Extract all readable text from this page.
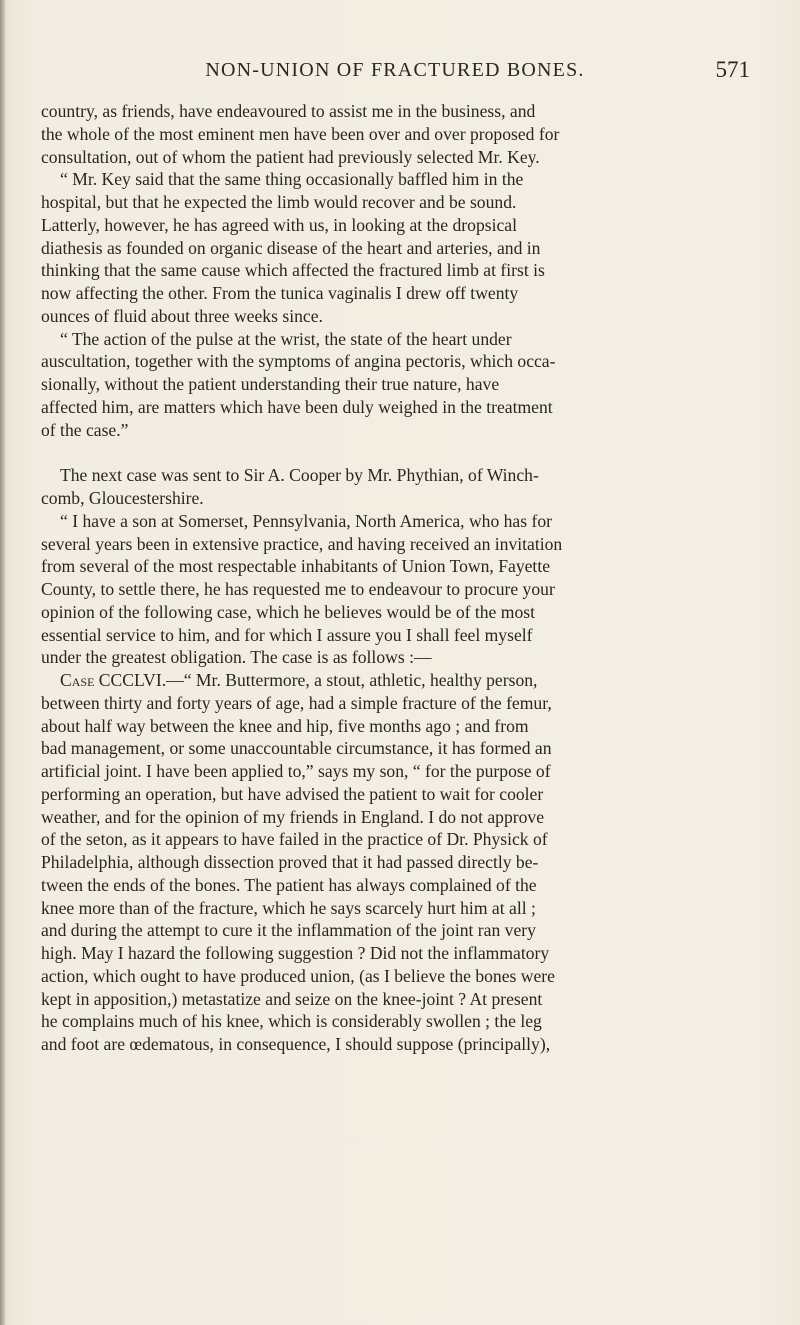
NON-UNION OF FRACTURED BONES.	571
country, as friends, have endeavoured to assist me in the business, and
the whole of the most eminent men have been over and over proposed for
consultation, out of whom the patient had previously selected Mr. Key.
“ Mr. Key said that the same thing occasionally baffled him in the
hospital, but that he expected the limb would recover and be sound.
Latterly, however, he has agreed with us, in looking at the dropsical
diathesis as founded on organic disease of the heart and arteries, and in
thinking that the same cause which affected the fractured limb at first is
now affecting the other. From the tunica vaginalis I drew off twenty
ounces of fluid about three weeks since.
“ The action of the pulse at the wrist, the state of the heart under
auscultation, together with the symptoms of angina pectoris, which occa-
sionally, without the patient understanding their true nature, have
affected him, are matters which have been duly weighed in the treatment
of the case.”
The next case was sent to Sir A. Cooper by Mr. Phythian, of Winch-
comb, Gloucestershire.
“ I have a son at Somerset, Pennsylvania, North America, who has for
several years been in extensive practice, and having received an invitation
from several of the most respectable inhabitants of Union Town, Fayette
County, to settle there, he has requested me to endeavour to procure your
opinion of the following case, which he believes would be of the most
essential service to him, and for which I assure you I shall feel myself
under the greatest obligation. The case is as follows :—
Case CCCLVI.—“ Mr. Buttermore, a stout, athletic, healthy person,
between thirty and forty years of age, had a simple fracture of the femur,
about half way between the knee and hip, five months ago ; and from
bad management, or some unaccountable circumstance, it has formed an
artificial joint. I have been applied to,” says my son, “ for the purpose of
performing an operation, but have advised the patient to wait for cooler
weather, and for the opinion of my friends in England. I do not approve
of the seton, as it appears to have failed in the practice of Dr. Physick of
Philadelphia, although dissection proved that it had passed directly be-
tween the ends of the bones. The patient has always complained of the
knee more than of the fracture, which he says scarcely hurt him at all ;
and during the attempt to cure it the inflammation of the joint ran very
high. May I hazard the following suggestion ? Did not the inflammatory
action, which ought to have produced union, (as I believe the bones were
kept in apposition,) metastatize and seize on the knee-joint ? At present
he complains much of his knee, which is considerably swollen ; the leg
and foot are œdematous, in consequence, I should suppose (principally),
